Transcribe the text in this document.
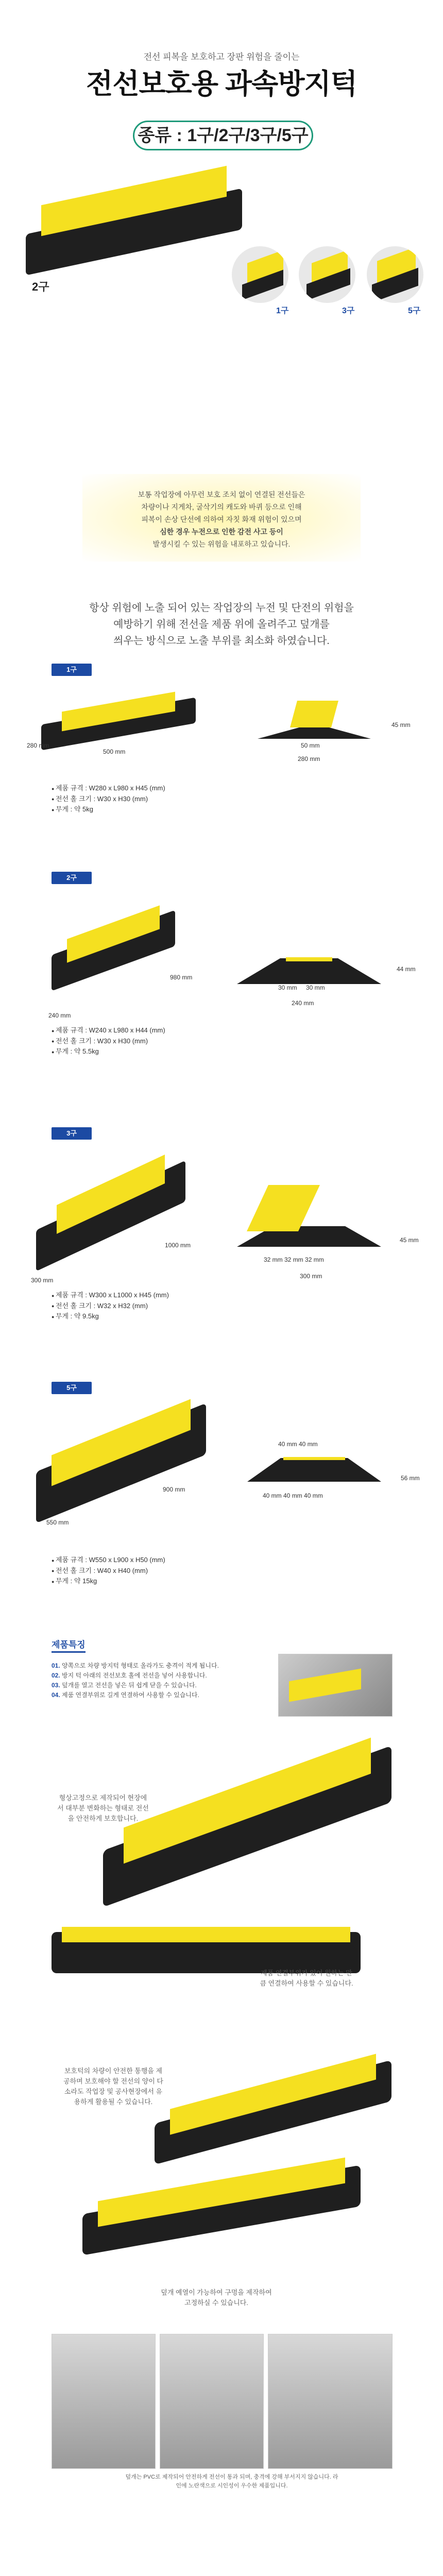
전선 피복을 보호하고 장판 위험을 줄이는
전선보호용 과속방지턱
종류 : 1구/2구/3구/5구
2구
1구	3구	5구
보통 작업장에 아무런 보호 조치 없이 연결된 전선들은
차량이나 지게차, 굴삭기의 캐도와 바퀴 등으로 인해
피복이 손상 단선에 의하여 자칫 화재 위험이 있으며
심한 경우 누전으로 인한 감전 사고 등이
발생시킬 수 있는 위험을 내포하고 있습니다.
항상 위험에 노출 되어 있는 작업장의 누전 및 단전의 위험을
예방하기 위해 전선을 제품 위에 올려주고 덮개를
씌우는 방식으로 노출 부위를 최소화 하였습니다.
1구
280 mm
500 mm
50 mm
45 mm
280 mm
● 제품 규격 : W280 x L980 x H45 (mm)
● 전선 홀 크기 : W30 x H30 (mm)
● 무게 : 약 5kg
2구
240 mm
980 mm
30 mm 30 mm
44 mm
240 mm
● 제품 규격 : W240 x L980 x H44 (mm)
● 전선 홀 크기 : W30 x H30 (mm)
● 무게 : 약 5.5kg
3구
300 mm
1000 mm
32 mm 32 mm 32 mm
45 mm
300 mm
● 제품 규격 : W300 x L1000 x H45 (mm)
● 전선 홀 크기 : W32 x H32 (mm)
● 무게 : 약 9.5kg
5구
550 mm
900 mm
40 mm 40 mm
40 mm 40 mm 40 mm
56 mm
● 제품 규격 : W550 x L900 x H50 (mm)
● 전선 홀 크기 : W40 x H40 (mm)
● 무게 : 약 15kg
제품특징
01. 양쪽으로 차량 방지턱 형태로 올라가도 충격이 적게 됩니다.
02. 방지 턱 아래의 전선보호 홀에 전선을 넣어 사용합니다.
03. 덮개를 열고 전선을 넣은 뒤 쉽게 닫을 수 있습니다.
04. 제품 연결부위로 길게 연결하여 사용할 수 있습니다.
형상고정으로 제작되어 현장에서 대부분 변화하는 형태로 전선을 안전하게 보호합니다.
제품 연결부위가 있어 원하는 만큼 연결하여 사용할 수 있습니다.
보호턱의 차량이 안전한 통행을 제공하며 보호해야 할 전선의 양이 다소라도 작업장 및 공사현장에서 유용하게 활용될 수 있습니다.
덮개 예열이 가능하여 구멍을 제작하여 고정하실 수 있습니다.
덮개는 PVC로 제작되어 안전하게 전선이 통과 되며, 충격에 강해 부서지지 않습니다. 라인에 노란색으로 시인성이 우수한 제품입니다.
